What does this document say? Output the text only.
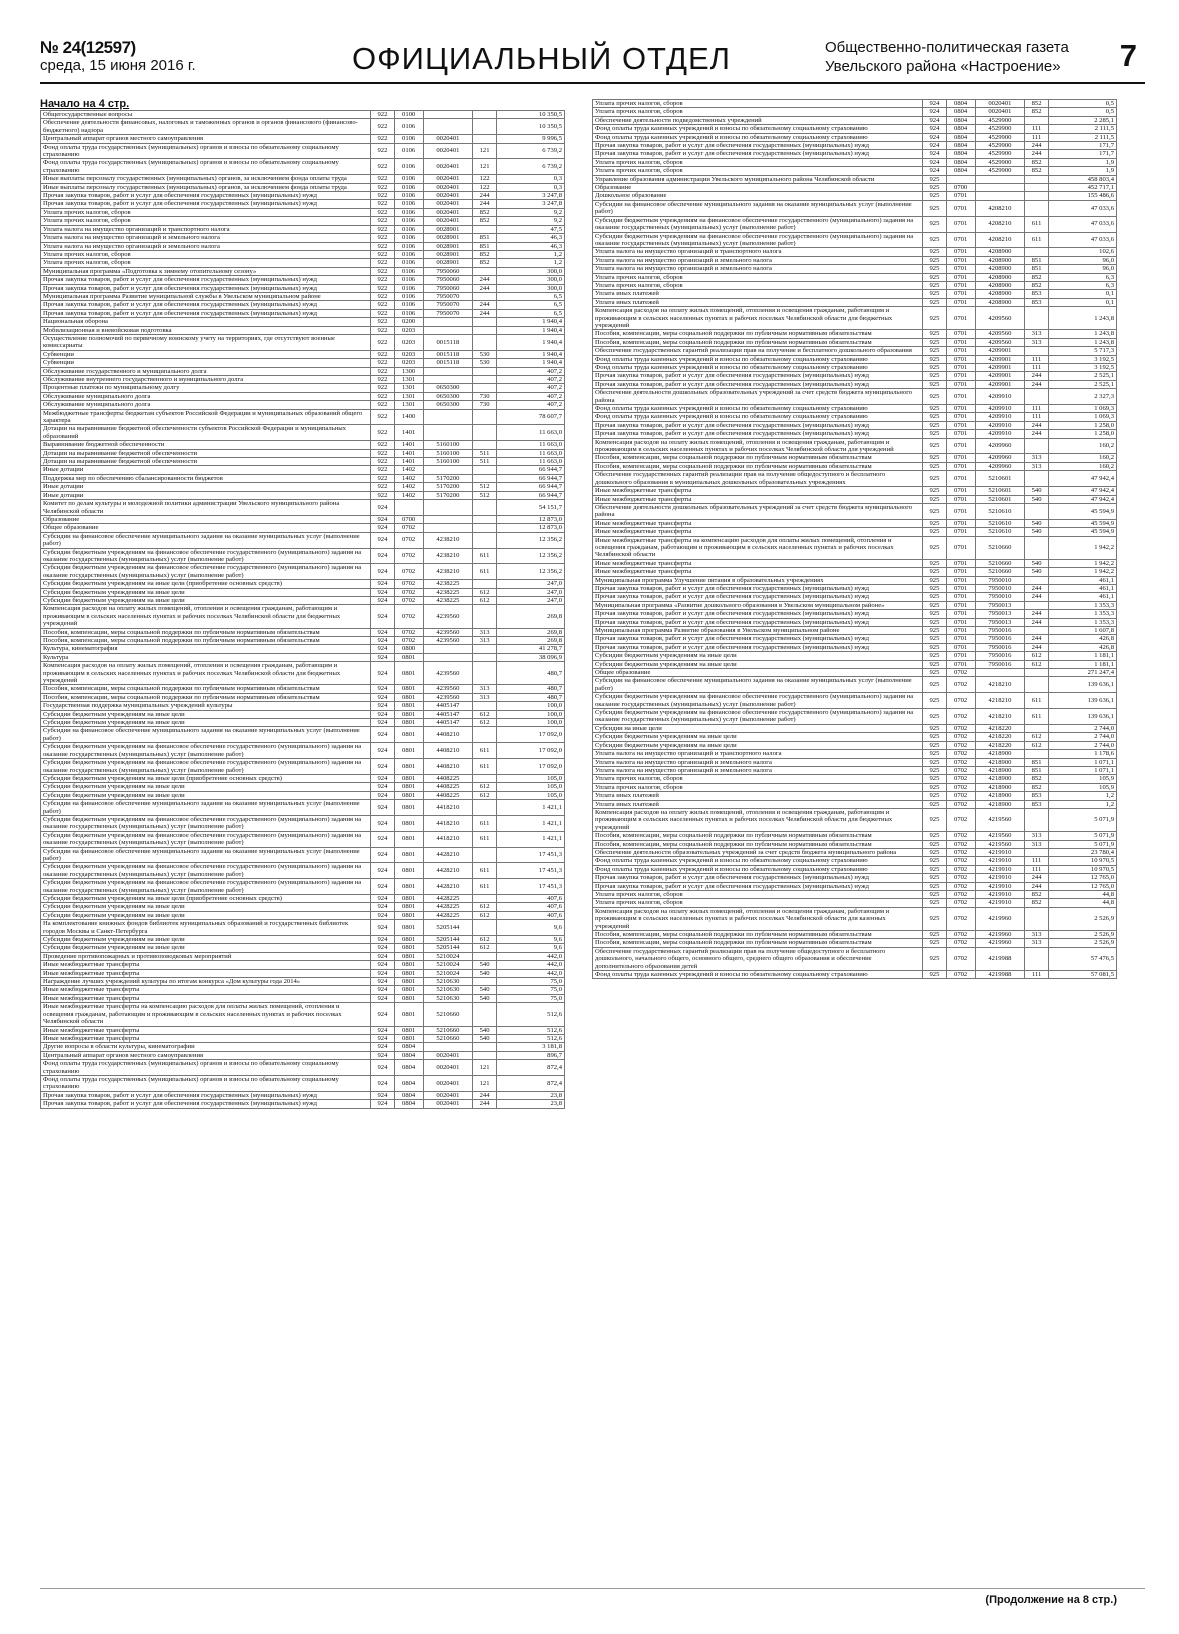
№ 24(12597)
среда, 15 июня 2016 г.	ОФИЦИАЛЬНЫЙ ОТДЕЛ	Общественно-политическая газета
Увельского района «Настроение»	7
Начало на 4 стр.
Общегосударственные вопросы	922	0100			10 350,5
Обеспечение деятельности финансовых, налоговых и таможенных органов и органов финансового (финансово-бюджетного) надзора	922	0106			10 350,5
Центральный аппарат органов местного самоуправления	922	0106	0020401		9 996,5
Фонд оплаты труда государственных (муниципальных) органов и взносы по обязательному социальному страхованию	922	0106	0020401	121	6 739,2
Фонд оплаты труда государственных (муниципальных) органов и взносы по обязательному социальному страхованию	922	0106	0020401	121	6 739,2
Иные выплаты персоналу государственных (муниципальных) органов, за исключением фонда оплаты труда	922	0106	0020401	122	0,3
Иные выплаты персоналу государственных (муниципальных) органов, за исключением фонда оплаты труда	922	0106	0020401	122	0,3
Прочая закупка товаров, работ и услуг для обеспечения государственных (муниципальных) нужд	922	0106	0020401	244	3 247,8
Прочая закупка товаров, работ и услуг для обеспечения государственных (муниципальных) нужд	922	0106	0020401	244	3 247,8
Уплата прочих налогов, сборов	922	0106	0020401	852	9,2
Уплата прочих налогов, сборов	922	0106	0020401	852	9,2
Уплата налога на имущество организаций и транспортного налога	922	0106	0028901		47,5
Уплата налога на имущество организаций и земельного налога	922	0106	0028901	851	46,3
Уплата налога на имущество организаций и земельного налога	922	0106	0028901	851	46,3
Уплата прочих налогов, сборов	922	0106	0028901	852	1,2
Уплата прочих налогов, сборов	922	0106	0028901	852	1,2
Муниципальная программа «Подготовка к зимнему отопительному сезону»	922	0106	7950060		300,0
Прочая закупка товаров, работ и услуг для обеспечения государственных (муниципальных) нужд	922	0106	7950060	244	300,0
Прочая закупка товаров, работ и услуг для обеспечения государственных (муниципальных) нужд	922	0106	7950060	244	300,0
Муниципальная программа Развитие муниципальной службы в Увельском муниципальном районе	922	0106	7950070		6,5
Прочая закупка товаров, работ и услуг для обеспечения государственных (муниципальных) нужд	922	0106	7950070	244	6,5
Прочая закупка товаров, работ и услуг для обеспечения государственных (муниципальных) нужд	922	0106	7950070	244	6,5
Национальная оборона	922	0200			1 940,4
Мобилизационная и вневойсковая подготовка	922	0203			1 940,4
Осуществление полномочий по первичному воинскому учету на территориях, где отсутствуют военные комиссариаты	922	0203	0015118		1 940,4
Субвенции	922	0203	0015118	530	1 940,4
Субвенции	922	0203	0015118	530	1 940,4
Обслуживание государственного и муниципального долга	922	1300			407,2
Обслуживание внутреннего государственного и муниципального долга	922	1301			407,2
Процентные платежи по муниципальному долгу	922	1301	0650300		407,2
Обслуживание муниципального долга	922	1301	0650300	730	407,2
Обслуживание муниципального долга	922	1301	0650300	730	407,2
Межбюджетные трансферты бюджетам субъектов Российской Федерации и муниципальных образований общего характера	922	1400			78 607,7
Дотации на выравнивание бюджетной обеспеченности субъектов Российской Федерации и муниципальных образований	922	1401			11 663,0
Выравнивание бюджетной обеспеченности	922	1401	5160100		11 663,0
Дотации на выравнивание бюджетной обеспеченности	922	1401	5160100	511	11 663,0
Дотации на выравнивание бюджетной обеспеченности	922	1401	5160100	511	11 663,0
Иные дотации	922	1402			66 944,7
Поддержка мер по обеспечению сбалансированности бюджетов	922	1402	5170200		66 944,7
Иные дотации	922	1402	5170200	512	66 944,7
Иные дотации	922	1402	5170200	512	66 944,7
Комитет по делам культуры и молодежной политики администрации Увельского муниципального района Челябинской области	924				54 151,7
Образование	924	0700			12 873,0
Общее образование	924	0702			12 873,0
Субсидии на финансовое обеспечение муниципального задания на оказание муниципальных услуг (выполнение работ)	924	0702	4238210		12 356,2
Субсидии бюджетным учреждениям на финансовое обеспечение государственного (муниципального) задания на оказание государственных (муниципальных) услуг (выполнение работ)	924	0702	4238210	611	12 356,2
Субсидии бюджетным учреждениям на финансовое обеспечение государственного (муниципального) задания на оказание государственных (муниципальных) услуг (выполнение работ)	924	0702	4238210	611	12 356,2
Субсидии бюджетным учреждениям на иные цели (приобретение основных средств)	924	0702	4238225		247,0
Субсидии бюджетным учреждениям на иные цели	924	0702	4238225	612	247,0
Субсидии бюджетным учреждениям на иные цели	924	0702	4238225	612	247,0
Компенсация расходов на оплату жилых помещений, отопления и освещения гражданам, работающим и проживающим в сельских населенных пунктах и рабочих поселках Челябинской области для бюджетных учреждений	924	0702	4239560		269,8
Пособия, компенсации, меры социальной поддержки по публичным нормативным обязательствам	924	0702	4239560	313	269,8
Пособия, компенсации, меры социальной поддержки по публичным нормативным обязательствам	924	0702	4239560	313	269,8
Культура, кинематография	924	0800			41 278,7
Культура	924	0801			38 096,9
Компенсация расходов на оплату жилых помещений, отопления и освещения гражданам, работающим и проживающим в сельских населенных пунктах и рабочих поселках Челябинской области для бюджетных учреждений	924	0801	4239560		480,7
Пособия, компенсации, меры социальной поддержки по публичным нормативным обязательствам	924	0801	4239560	313	480,7
Пособия, компенсации, меры социальной поддержки по публичным нормативным обязательствам	924	0801	4239560	313	480,7
Государственная поддержка муниципальных учреждений культуры	924	0801	4405147		100,0
Субсидии бюджетным учреждениям на иные цели	924	0801	4405147	612	100,0
Субсидии бюджетным учреждениям на иные цели	924	0801	4405147	612	100,0
Субсидии на финансовое обеспечение муниципального задания на оказание муниципальных услуг (выполнение работ)	924	0801	4408210		17 092,0
Субсидии бюджетным учреждениям на финансовое обеспечение государственного (муниципального) задания на оказание государственных (муниципальных) услуг (выполнение работ)	924	0801	4408210	611	17 092,0
Субсидии бюджетным учреждениям на финансовое обеспечение государственного (муниципального) задания на оказание государственных (муниципальных) услуг (выполнение работ)	924	0801	4408210	611	17 092,0
Субсидии бюджетным учреждениям на иные цели (приобретение основных средств)	924	0801	4408225		105,0
Субсидии бюджетным учреждениям на иные цели	924	0801	4408225	612	105,0
Субсидии бюджетным учреждениям на иные цели	924	0801	4408225	612	105,0
Субсидии на финансовое обеспечение муниципального задания на оказание муниципальных услуг (выполнение работ)	924	0801	4418210		1 421,1
Субсидии бюджетным учреждениям на финансовое обеспечение государственного (муниципального) задания на оказание государственных (муниципальных) услуг (выполнение работ)	924	0801	4418210	611	1 421,1
Субсидии бюджетным учреждениям на финансовое обеспечение государственного (муниципального) задания на оказание государственных (муниципальных) услуг (выполнение работ)	924	0801	4418210	611	1 421,1
Субсидии на финансовое обеспечение муниципального задания на оказание муниципальных услуг (выполнение работ)	924	0801	4428210		17 451,3
Субсидии бюджетным учреждениям на финансовое обеспечение государственного (муниципального) задания на оказание государственных (муниципальных) услуг (выполнение работ)	924	0801	4428210	611	17 451,3
Субсидии бюджетным учреждениям на финансовое обеспечение государственного (муниципального) задания на оказание государственных (муниципальных) услуг (выполнение работ)	924	0801	4428210	611	17 451,3
Субсидии бюджетным учреждениям на иные цели (приобретение основных средств)	924	0801	4428225		407,6
Субсидии бюджетным учреждениям на иные цели	924	0801	4428225	612	407,6
Субсидии бюджетным учреждениям на иные цели	924	0801	4428225	612	407,6
На комплектование книжных фондов библиотек муниципальных образований и государственных библиотек городов Москвы и Санкт-Петербурга	924	0801	5205144		9,6
Субсидии бюджетным учреждениям на иные цели	924	0801	5205144	612	9,6
Субсидии бюджетным учреждениям на иные цели	924	0801	5205144	612	9,6
Проведение противопожарных и противоповодковых мероприятий	924	0801	5210024		442,0
Иные межбюджетные трансферты	924	0801	5210024	540	442,0
Иные межбюджетные трансферты	924	0801	5210024	540	442,0
Награждение лучших учреждений культуры по итогам конкурса «Дом культуры года 2014»	924	0801	5210630		75,0
Иные межбюджетные трансферты	924	0801	5210630	540	75,0
Иные межбюджетные трансферты	924	0801	5210630	540	75,0
Иные межбюджетные трансферты на компенсацию расходов для оплаты жилых помещений, отопления и освещения гражданам, работающим и проживающим в сельских населенных пунктах и рабочих поселках Челябинской области	924	0801	5210660		512,6
Иные межбюджетные трансферты	924	0801	5210660	540	512,6
Иные межбюджетные трансферты	924	0801	5210660	540	512,6
Другие вопросы в области культуры, кинематографии	924	0804			3 181,8
Центральный аппарат органов местного самоуправления	924	0804	0020401		896,7
Фонд оплаты труда государственных (муниципальных) органов и взносы по обязательному социальному страхованию	924	0804	0020401	121	872,4
Фонд оплаты труда государственных (муниципальных) органов и взносы по обязательному социальному страхованию	924	0804	0020401	121	872,4
Прочая закупка товаров, работ и услуг для обеспечения государственных (муниципальных) нужд	924	0804	0020401	244	23,8
Прочая закупка товаров, работ и услуг для обеспечения государственных (муниципальных) нужд	924	0804	0020401	244	23,8
Уплата прочих налогов, сборов	924	0804	0020401	852	0,5
Уплата прочих налогов, сборов	924	0804	0020401	852	0,5
Обеспечение деятельности подведомственных учреждений	924	0804	4529900		2 285,1
Фонд оплаты труда казенных учреждений и взносы по обязательному социальному страхованию	924	0804	4529900	111	2 111,5
Фонд оплаты труда казенных учреждений и взносы по обязательному социальному страхованию	924	0804	4529900	111	2 111,5
Прочая закупка товаров, работ и услуг для обеспечения государственных (муниципальных) нужд	924	0804	4529900	244	171,7
Прочая закупка товаров, работ и услуг для обеспечения государственных (муниципальных) нужд	924	0804	4529900	244	171,7
Уплата прочих налогов, сборов	924	0804	4529900	852	1,9
Уплата прочих налогов, сборов	924	0804	4529900	852	1,9
Управление образования администрации Увельского муниципального района Челябинской области	925				458 803,4
Образование	925	0700			452 717,1
Дошкольное образование	925	0701			155 486,6
Субсидии на финансовое обеспечение муниципального задания на оказание муниципальных услуг (выполнение работ)	925	0701	4208210		47 033,6
Субсидии бюджетным учреждениям на финансовое обеспечение государственного (муниципального) задания на оказание государственных (муниципальных) услуг (выполнение работ)	925	0701	4208210	611	47 033,6
Субсидии бюджетным учреждениям на финансовое обеспечение государственного (муниципального) задания на оказание государственных (муниципальных) услуг (выполнение работ)	925	0701	4208210	611	47 033,6
Уплата налога на имущество организаций и транспортного налога	925	0701	4208900		102,6
Уплата налога на имущество организаций и земельного налога	925	0701	4208900	851	96,0
Уплата налога на имущество организаций и земельного налога	925	0701	4208900	851	96,0
Уплата прочих налогов, сборов	925	0701	4208900	852	6,3
Уплата прочих налогов, сборов	925	0701	4208900	852	6,3
Уплата иных платежей	925	0701	4208900	853	0,1
Уплата иных платежей	925	0701	4208900	853	0,1
Компенсация расходов на оплату жилых помещений, отопления и освещения гражданам, работающим и проживающим в сельских населенных пунктах и рабочих поселках Челябинской области для бюджетных учреждений	925	0701	4209560		1 243,8
Пособия, компенсации, меры социальной поддержки по публичным нормативным обязательствам	925	0701	4209560	313	1 243,8
Пособия, компенсации, меры социальной поддержки по публичным нормативным обязательствам	925	0701	4209560	313	1 243,8
Обеспечение государственных гарантий реализации прав на получение и бесплатного дошкольного образования	925	0701	4209901		5 717,3
Фонд оплаты труда казенных учреждений и взносы по обязательному социальному страхованию	925	0701	4209901	111	3 192,5
Фонд оплаты труда казенных учреждений и взносы по обязательному социальному страхованию	925	0701	4209901	111	3 192,5
Прочая закупка товаров, работ и услуг для обеспечения государственных (муниципальных) нужд	925	0701	4209901	244	2 525,1
Прочая закупка товаров, работ и услуг для обеспечения государственных (муниципальных) нужд	925	0701	4209901	244	2 525,1
Обеспечение деятельности дошкольных образовательных учреждений за счет средств бюджета муниципального района	925	0701	4209910		2 327,3
Фонд оплаты труда казенных учреждений и взносы по обязательному социальному страхованию	925	0701	4209910	111	1 069,3
Фонд оплаты труда казенных учреждений и взносы по обязательному социальному страхованию	925	0701	4209910	111	1 069,3
Прочая закупка товаров, работ и услуг для обеспечения государственных (муниципальных) нужд	925	0701	4209910	244	1 258,0
Прочая закупка товаров, работ и услуг для обеспечения государственных (муниципальных) нужд	925	0701	4209910	244	1 258,0
Компенсация расходов на оплату жилых помещений, отопления и освещения гражданам, работающим и проживающим в сельских населенных пунктах и рабочих поселках Челябинской области для учреждений	925	0701	4209960		160,2
Пособия, компенсации, меры социальной поддержки по публичным нормативным обязательствам	925	0701	4209960	313	160,2
Пособия, компенсации, меры социальной поддержки по публичным нормативным обязательствам	925	0701	4209960	313	160,2
Обеспечение государственных гарантий реализации прав на получение общедоступного и бесплатного дошкольного образования в муниципальных дошкольных образовательных учреждениях	925	0701	5210601		47 942,4
Иные межбюджетные трансферты	925	0701	5210601	540	47 942,4
Иные межбюджетные трансферты	925	0701	5210601	540	47 942,4
Обеспечение деятельности дошкольных образовательных учреждений за счет средств бюджета муниципального района	925	0701	5210610		45 594,9
Иные межбюджетные трансферты	925	0701	5210610	540	45 594,9
Иные межбюджетные трансферты	925	0701	5210610	540	45 594,9
Иные межбюджетные трансферты на компенсацию расходов для оплаты жилых помещений, отопления и освещения гражданам, работающим и проживающим в сельских населенных пунктах и рабочих поселках Челябинской области	925	0701	5210660		1 942,2
Иные межбюджетные трансферты	925	0701	5210660	540	1 942,2
Иные межбюджетные трансферты	925	0701	5210660	540	1 942,2
Муниципальная программа Улучшение питания в образовательных учреждениях	925	0701	7950010		461,1
Прочая закупка товаров, работ и услуг для обеспечения государственных (муниципальных) нужд	925	0701	7950010	244	461,1
Прочая закупка товаров, работ и услуг для обеспечения государственных (муниципальных) нужд	925	0701	7950010	244	461,1
Муниципальная программа «Развитие дошкольного образования в Увельском муниципальном районе»	925	0701	7950013		1 353,3
Прочая закупка товаров, работ и услуг для обеспечения государственных (муниципальных) нужд	925	0701	7950013	244	1 353,3
Прочая закупка товаров, работ и услуг для обеспечения государственных (муниципальных) нужд	925	0701	7950013	244	1 353,3
Муниципальная программа Развитие образования в Увельском муниципальном районе	925	0701	7950016		1 607,8
Прочая закупка товаров, работ и услуг для обеспечения государственных (муниципальных) нужд	925	0701	7950016	244	426,8
Прочая закупка товаров, работ и услуг для обеспечения государственных (муниципальных) нужд	925	0701	7950016	244	426,8
Субсидии бюджетным учреждениям на иные цели	925	0701	7950016	612	1 181,1
Субсидии бюджетным учреждениям на иные цели	925	0701	7950016	612	1 181,1
Общее образование	925	0702			271 247,4
Субсидии на финансовое обеспечение муниципального задания на оказание муниципальных услуг (выполнение работ)	925	0702	4218210		139 636,1
Субсидии бюджетным учреждениям на финансовое обеспечение государственного (муниципального) задания на оказание государственных (муниципальных) услуг (выполнение работ)	925	0702	4218210	611	139 636,1
Субсидии бюджетным учреждениям на финансовое обеспечение государственного (муниципального) задания на оказание государственных (муниципальных) услуг (выполнение работ)	925	0702	4218210	611	139 636,1
Субсидии на иные цели	925	0702	4218220		2 744,0
Субсидии бюджетным учреждениям на иные цели	925	0702	4218220	612	2 744,0
Субсидии бюджетным учреждениям на иные цели	925	0702	4218220	612	2 744,0
Уплата налога на имущество организаций и транспортного налога	925	0702	4218900		1 178,6
Уплата налога на имущество организаций и земельного налога	925	0702	4218900	851	1 071,1
Уплата налога на имущество организаций и земельного налога	925	0702	4218900	851	1 071,1
Уплата прочих налогов, сборов	925	0702	4218900	852	105,9
Уплата прочих налогов, сборов	925	0702	4218900	852	105,9
Уплата иных платежей	925	0702	4218900	853	1,2
Уплата иных платежей	925	0702	4218900	853	1,2
Компенсация расходов на оплату жилых помещений, отопления и освещения гражданам, работающим и проживающим в сельских населенных пунктах и рабочих поселках Челябинской области для бюджетных учреждений	925	0702	4219560		5 071,9
Пособия, компенсации, меры социальной поддержки по публичным нормативным обязательствам	925	0702	4219560	313	5 071,9
Пособия, компенсации, меры социальной поддержки по публичным нормативным обязательствам	925	0702	4219560	313	5 071,9
Обеспечение деятельности образовательных учреждений за счет средств бюджета муниципального района	925	0702	4219910		23 780,4
Фонд оплаты труда казенных учреждений и взносы по обязательному социальному страхованию	925	0702	4219910	111	10 970,5
Фонд оплаты труда казенных учреждений и взносы по обязательному социальному страхованию	925	0702	4219910	111	10 970,5
Прочая закупка товаров, работ и услуг для обеспечения государственных (муниципальных) нужд	925	0702	4219910	244	12 765,0
Прочая закупка товаров, работ и услуг для обеспечения государственных (муниципальных) нужд	925	0702	4219910	244	12 765,0
Уплата прочих налогов, сборов	925	0702	4219910	852	44,8
Уплата прочих налогов, сборов	925	0702	4219910	852	44,8
Компенсация расходов на оплату жилых помещений, отопления и освещения гражданам, работающим и проживающим в сельских населенных пунктах и рабочих поселках Челябинской области для казенных учреждений	925	0702	4219960		2 526,9
Пособия, компенсации, меры социальной поддержки по публичным нормативным обязательствам	925	0702	4219960	313	2 526,9
Пособия, компенсации, меры социальной поддержки по публичным нормативным обязательствам	925	0702	4219960	313	2 526,9
Обеспечение государственных гарантий реализации прав на получение общедоступного и бесплатного дошкольного, начального общего, основного общего, среднего общего образования и обеспечение дополнительного образования детей	925	0702	4219988		57 476,5
Фонд оплаты труда казенных учреждений и взносы по обязательному социальному страхованию	925	0702	4219988	111	57 081,5
(Продолжение на 8 стр.)
